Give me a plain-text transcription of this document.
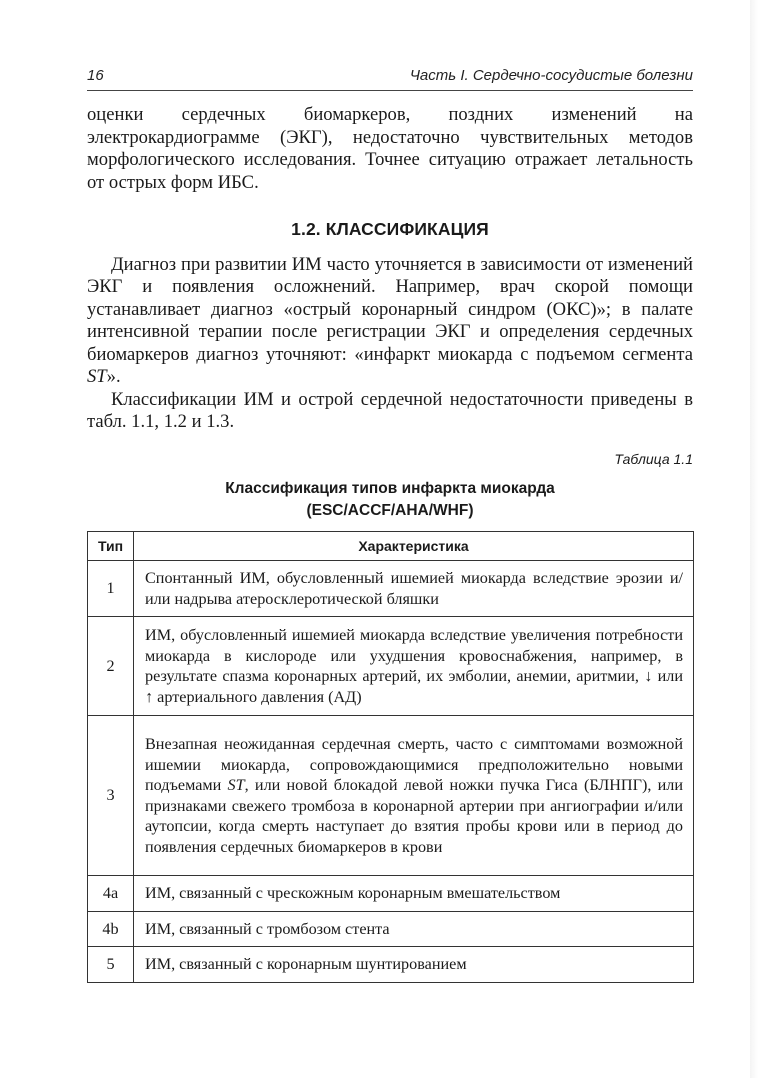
16	Часть I. Сердечно-сосудистые болезни

оценки сердечных биомаркеров, поздних изменений на электрокардиограмме (ЭКГ), недостаточно чувствительных методов морфологического исследования. Точнее ситуацию отражает летальность от острых форм ИБС.

1.2. КЛАССИФИКАЦИЯ

Диагноз при развитии ИМ часто уточняется в зависимости от изменений ЭКГ и появления осложнений. Например, врач скорой помощи устанавливает диагноз «острый коронарный синдром (ОКС)»; в палате интенсивной терапии после регистрации ЭКГ и определения сердечных биомаркеров диагноз уточняют: «инфаркт миокарда с подъемом сегмента ST».

Классификации ИМ и острой сердечной недостаточности приведены в табл. 1.1, 1.2 и 1.3.

Таблица 1.1
Классификация типов инфаркта миокарда
(ESC/ACCF/AHA/WHF)
Тип	Характеристика
1	Спонтанный ИМ, обусловленный ишемией миокарда вследствие эрозии и/или надрыва атеросклеротической бляшки
2	ИМ, обусловленный ишемией миокарда вследствие увеличения потребности миокарда в кислороде или ухудшения кровоснабжения, например, в результате спазма коронарных артерий, их эмболии, анемии, аритмии, ↓ или ↑ артериального давления (АД)
3	Внезапная неожиданная сердечная смерть, часто с симптомами возможной ишемии миокарда, сопровождающимися предположительно новыми подъемами ST, или новой блокадой левой ножки пучка Гиса (БЛНПГ), или признаками свежего тромбоза в коронарной артерии при ангиографии и/или аутопсии, когда смерть наступает до взятия пробы крови или в период до появления сердечных биомаркеров в крови
4a	ИМ, связанный с чрескожным коронарным вмешательством
4b	ИМ, связанный с тромбозом стента
5	ИМ, связанный с коронарным шунтированием
